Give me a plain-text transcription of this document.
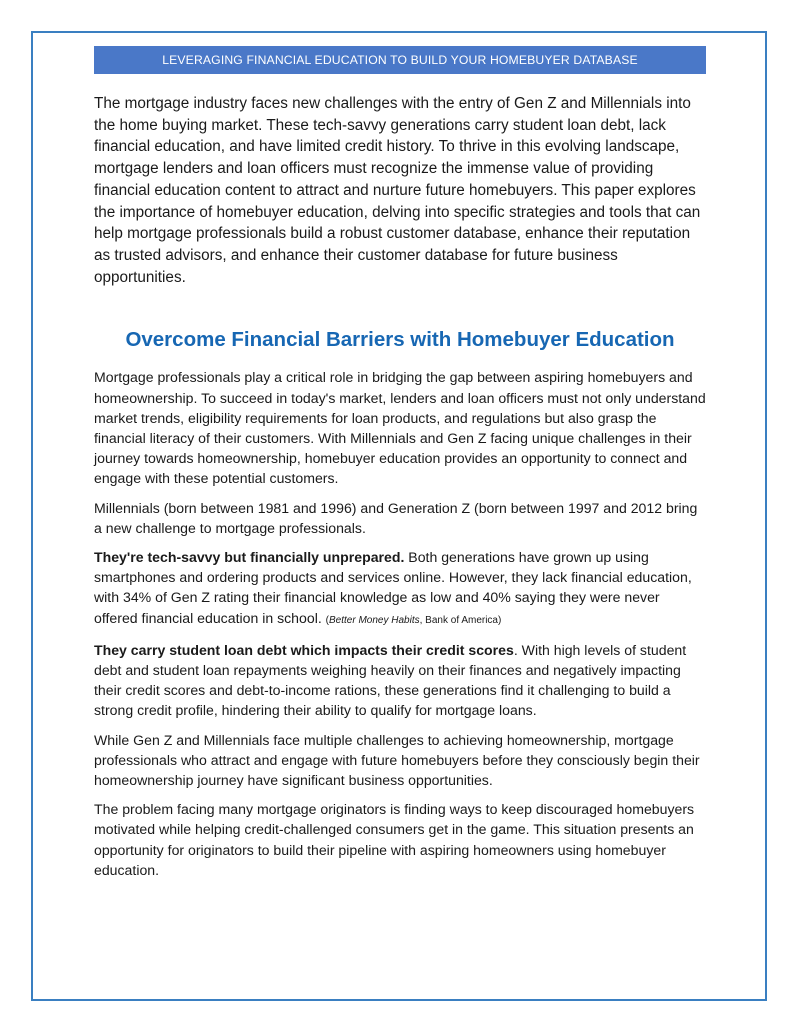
LEVERAGING FINANCIAL EDUCATION TO BUILD YOUR HOMEBUYER DATABASE

The mortgage industry faces new challenges with the entry of Gen Z and Millennials into the home buying market. These tech-savvy generations carry student loan debt, lack financial education, and have limited credit history. To thrive in this evolving landscape, mortgage lenders and loan officers must recognize the immense value of providing financial education content to attract and nurture future homebuyers. This paper explores the importance of homebuyer education, delving into specific strategies and tools that can help mortgage professionals build a robust customer database, enhance their reputation as trusted advisors, and enhance their customer database for future business opportunities.

Overcome Financial Barriers with Homebuyer Education

Mortgage professionals play a critical role in bridging the gap between aspiring homebuyers and homeownership. To succeed in today's market, lenders and loan officers must not only understand market trends, eligibility requirements for loan products, and regulations but also grasp the financial literacy of their customers. With Millennials and Gen Z facing unique challenges in their journey towards homeownership, homebuyer education provides an opportunity to connect and engage with these potential customers.

Millennials (born between 1981 and 1996) and Generation Z (born between 1997 and 2012 bring a new challenge to mortgage professionals.

They're tech-savvy but financially unprepared. Both generations have grown up using smartphones and ordering products and services online. However, they lack financial education, with 34% of Gen Z rating their financial knowledge as low and 40% saying they were never offered financial education in school. (Better Money Habits, Bank of America)

They carry student loan debt which impacts their credit scores. With high levels of student debt and student loan repayments weighing heavily on their finances and negatively impacting their credit scores and debt-to-income rations, these generations find it challenging to build a strong credit profile, hindering their ability to qualify for mortgage loans.

While Gen Z and Millennials face multiple challenges to achieving homeownership, mortgage professionals who attract and engage with future homebuyers before they consciously begin their homeownership journey have significant business opportunities.

The problem facing many mortgage originators is finding ways to keep discouraged homebuyers motivated while helping credit-challenged consumers get in the game. This situation presents an opportunity for originators to build their pipeline with aspiring homeowners using homebuyer education.
